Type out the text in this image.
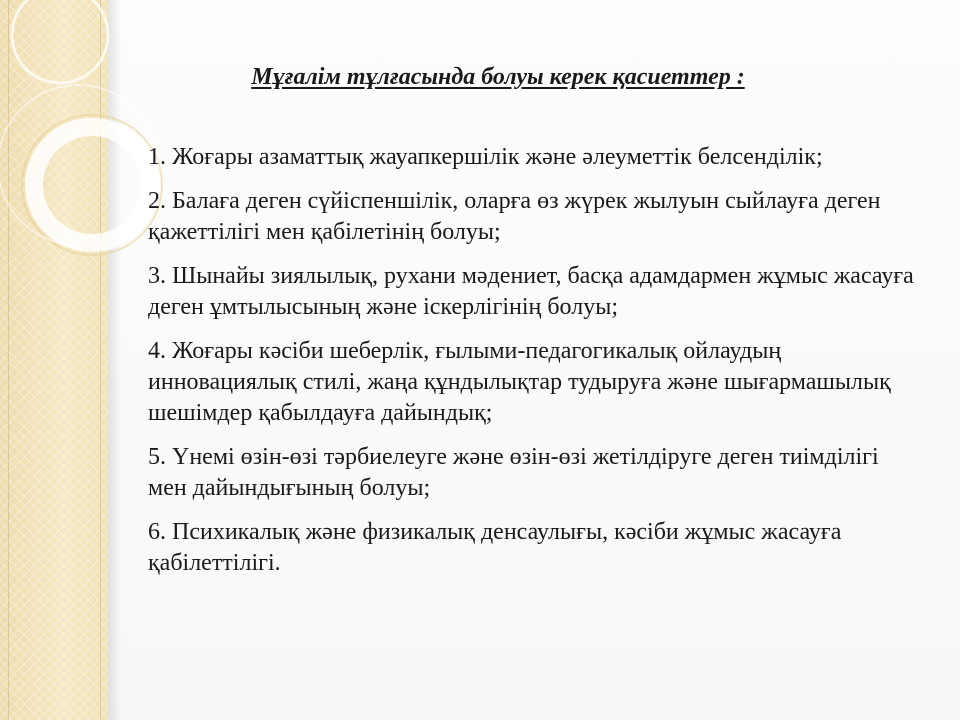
Мұғалім тұлғасында болуы керек қасиеттер :
1. Жоғары азаматтық жауапкершілік және әлеуметтік белсенділік;
2. Балаға деген сүйіспеншілік, оларға өз жүрек жылуын сыйлауға деген қажеттілігі мен қабілетінің болуы;
3. Шынайы зиялылық, рухани мәдениет, басқа адамдармен жұмыс жасауға деген ұмтылысының және іскерлігінің болуы;
4. Жоғары кәсіби шеберлік, ғылыми-педагогикалық ойлаудың инновациялық стилі, жаңа құндылықтар тудыруға және шығармашылық шешімдер қабылдауға дайындық;
5. Үнемі өзін-өзі тәрбиелеуге және өзін-өзі жетілдіруге деген тиімділігі мен дайындығының болуы;
6. Психикалық және физикалық денсаулығы, кәсіби жұмыс жасауға қабілеттілігі.
